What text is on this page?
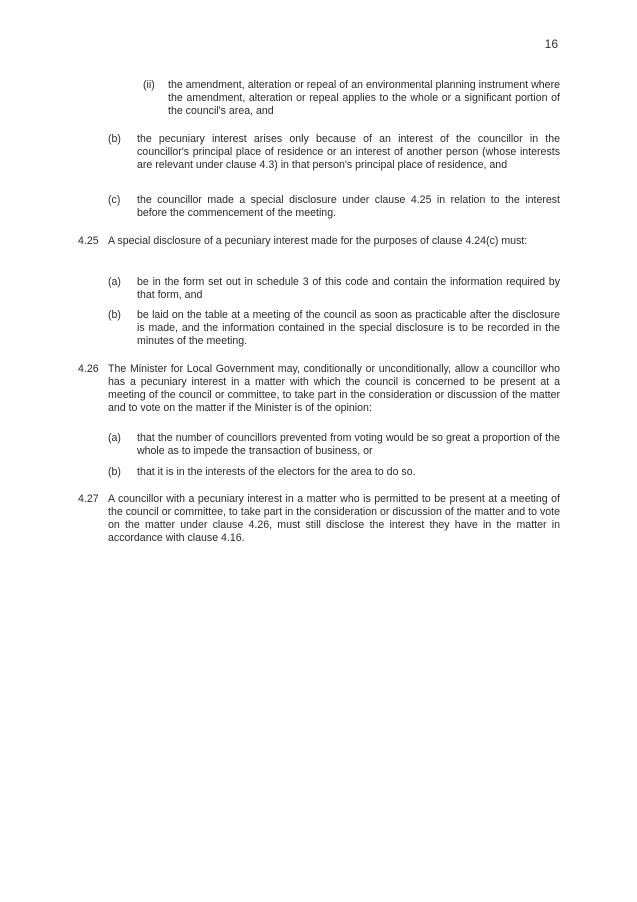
16
(ii) the amendment, alteration or repeal of an environmental planning instrument where the amendment, alteration or repeal applies to the whole or a significant portion of the council's area, and
(b) the pecuniary interest arises only because of an interest of the councillor in the councillor's principal place of residence or an interest of another person (whose interests are relevant under clause 4.3) in that person's principal place of residence, and
(c) the councillor made a special disclosure under clause 4.25 in relation to the interest before the commencement of the meeting.
4.25 A special disclosure of a pecuniary interest made for the purposes of clause 4.24(c) must:
(a) be in the form set out in schedule 3 of this code and contain the information required by that form, and
(b) be laid on the table at a meeting of the council as soon as practicable after the disclosure is made, and the information contained in the special disclosure is to be recorded in the minutes of the meeting.
4.26 The Minister for Local Government may, conditionally or unconditionally, allow a councillor who has a pecuniary interest in a matter with which the council is concerned to be present at a meeting of the council or committee, to take part in the consideration or discussion of the matter and to vote on the matter if the Minister is of the opinion:
(a) that the number of councillors prevented from voting would be so great a proportion of the whole as to impede the transaction of business, or
(b) that it is in the interests of the electors for the area to do so.
4.27 A councillor with a pecuniary interest in a matter who is permitted to be present at a meeting of the council or committee, to take part in the consideration or discussion of the matter and to vote on the matter under clause 4.26, must still disclose the interest they have in the matter in accordance with clause 4.16.
